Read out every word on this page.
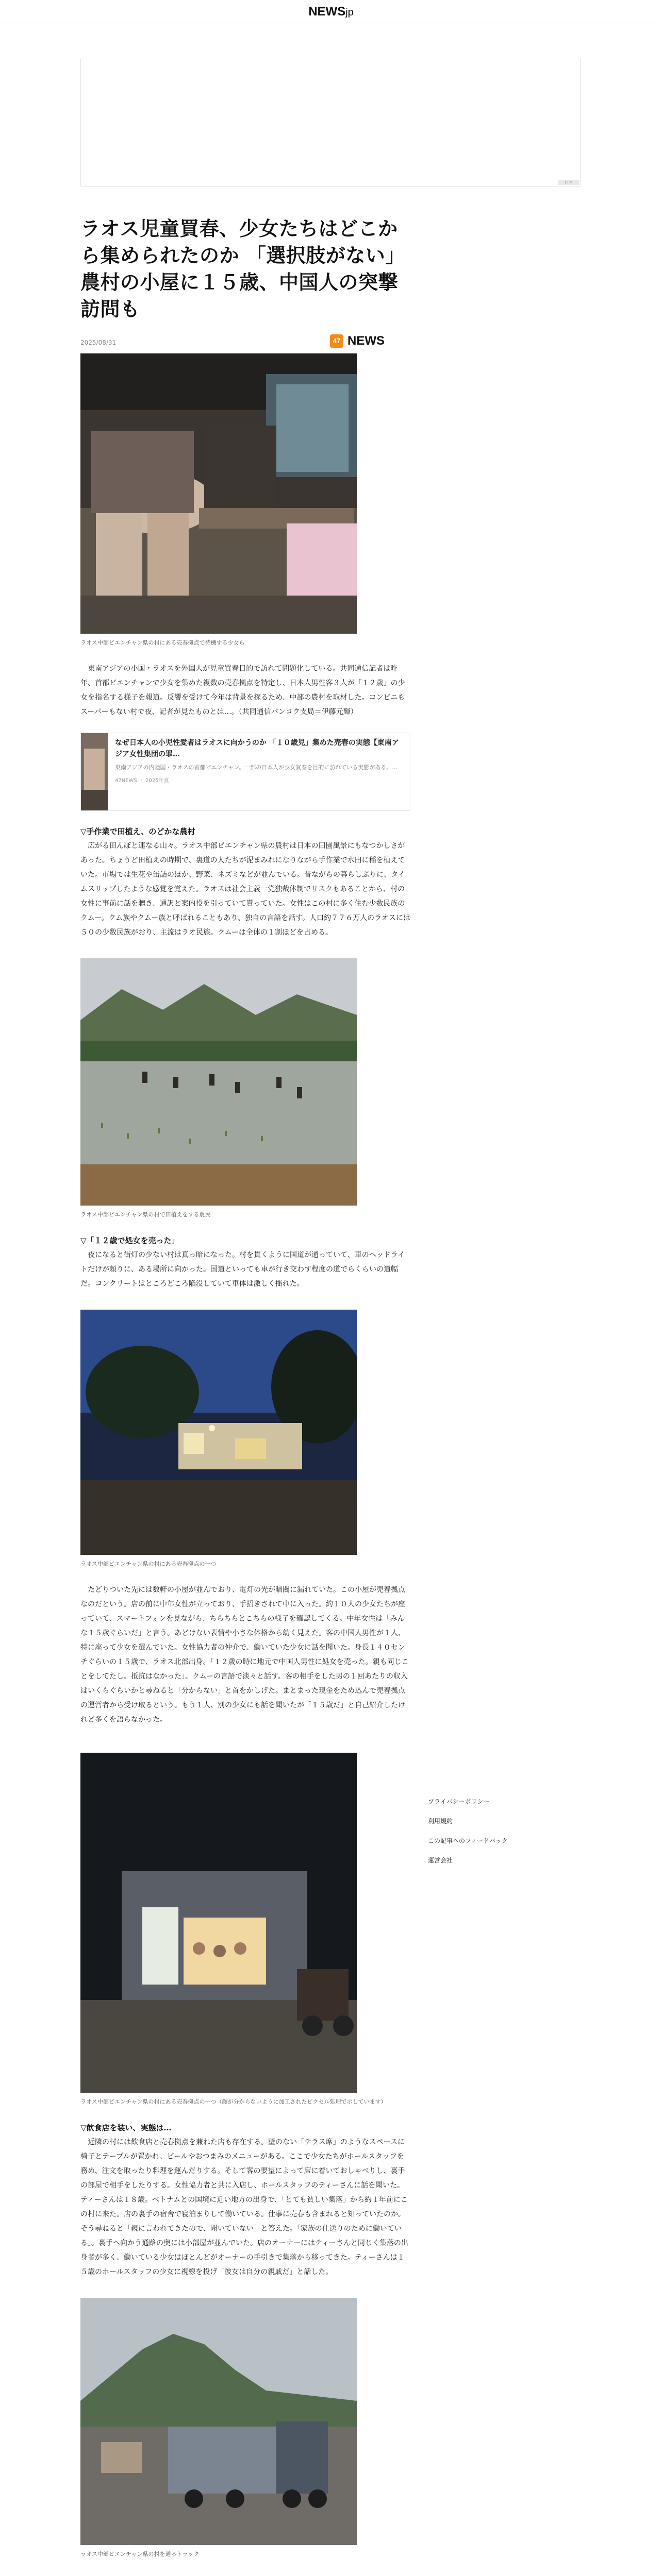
NEWSjp
▷ ✕
ラオス児童買春、少女たちはどこから集められたのか 「選択肢がない」農村の小屋に１５歳、中国人の突撃訪問も
2025/08/31	47 NEWS
ラオス中部ビエンチャン県の村にある売春拠点で待機する少女ら

東南アジアの小国・ラオスを外国人が児童買春目的で訪れて問題化している。共同通信記者は昨年、首都ビエンチャンで少女を集めた複数の売春拠点を特定し、日本人男性客３人が「１２歳」の少女を指名する様子を報道。反響を受けて今年は背景を探るため、中部の農村を取材した。コンビニもスーパーもない村で夜、記者が見たものとは…。（共同通信バンコク支局＝伊藤元輝）

なぜ日本人の小児性愛者はラオスに向かうのか 「１０歳児」集めた売春の実態【東南アジア女性集団の罪…
東南アジアの内陸国・ラオスの首都ビエンチャン。一部の日本人が少女買春を目的に訪れている実態がある。…
47NEWS ・ 2025年夏

▽手作業で田植え、のどかな農村

広がる田んぼと連なる山々。ラオス中部ビエンチャン県の農村は日本の田園風景にもなつかしさがあった。ちょうど田植えの時期で、裏道の人たちが泥まみれになりながら手作業で水田に稲を植えていた。市場では生花や缶詰のほか、野菜、ネズミなどが並んでいる。昔ながらの暮らしぶりに、タイムスリップしたような感覚を覚えた。ラオスは社会主義一党独裁体制でリスクもあることから、村の女性に事前に話を聴き、通訳と案内役を引っていて貰っていた。女性はこの村に多く住む少数民族のクムー。クム族やクムー族と呼ばれることもあり、独自の言語を話す。人口約７７６万人のラオスには５０の少数民族がおり、主流はラオ民族。クムーは全体の１割ほどを占める。

ラオス中部ビエンチャン県の村で田植えをする農民

▽「１２歳で処女を売った」

夜になると街灯の少ない村は真っ暗になった。村を貫くように国道が通っていて、車のヘッドライトだけが頼りに、ある場所に向かった。国道といっても車が行き交わす程度の道でらくらいの道幅だ。コンクリートはところどころ陥没していて車体は激しく揺れた。

ラオス中部ビエンチャン県の村にある売春拠点の一つ

たどりついた先には数軒の小屋が並んでおり、電灯の光が暗闇に漏れていた。この小屋が売春拠点なのだという。店の前に中年女性が立っており、手招きされて中に入った。約１０人の少女たちが座っていて、スマートフォンを見ながら、ちらちらとこちらの様子を確認してくる。中年女性は「みんな１５歳ぐらいだ」と言う。あどけない表情や小さな体格から幼く見えた。客の中国人男性が１人、特に座って少女を選んでいた。女性協力者の仲介で、働いていた少女に話を聞いた。身長１４０センチぐらいの１５歳で、ラオス北部出身。「１２歳の時に地元で中国人男性に処女を売った。親も同じことをしてたし。抵抗はなかった」。クムーの言語で淡々と話す。客の相手をした男の１回あたりの収入はいくらぐらいかと尋ねると「分からない」と首をかしげた。まとまった現金をため込んで売春拠点の運営者から受け取るという。もう１人、別の少女にも話を聞いたが「１５歳だ」と自己紹介したけれど多くを語らなかった。

ラオス中部ビエンチャン県の村にある売春拠点の一つ（顔が分からないように加工されたピクセル処理で示しています）

▽飲食店を装い、実態は…

近隣の村には飲食店と売春拠点を兼ねた店も存在する。壁のない「テラス席」のようなスペースに椅子とテーブルが置かれ、ビールやおつまみのメニューがある。ここで少女たちがホールスタッフを務め、注文を取ったり料理を運んだりする。そして客の要望によって席に着いておしゃべりし、裏手の部屋で相手をしたりする。女性協力者と共に入店し、ホールスタッフのティーさんに話を聞いた。ティーさんは１８歳。ベトナムとの国境に近い地方の出身で、「とても貧しい集落」から約１年前にこの村に来た。店の裏手の宿舎で寝泊まりして働いている。仕事に売春も含まれると知っていたのか。そう尋ねると「親に言われてきたので、聞いていない」と答えた。「家族の仕送りのために働いている」。裏手へ向かう通路の奥には小部屋が並んでいた。店のオーナーにはティーさんと同じく集落の出身者が多く、働いている少女はほとんどがオーナーの手引きで集落から移ってきた。ティーさんは１５歳のホールスタッフの少女に視線を投げ「彼女は自分の親戚だ」と話した。

ラオス中部ビエンチャン県の村を通るトラック

プライバシーポリシー
利用規約
この記事へのフィードバック
運営会社
